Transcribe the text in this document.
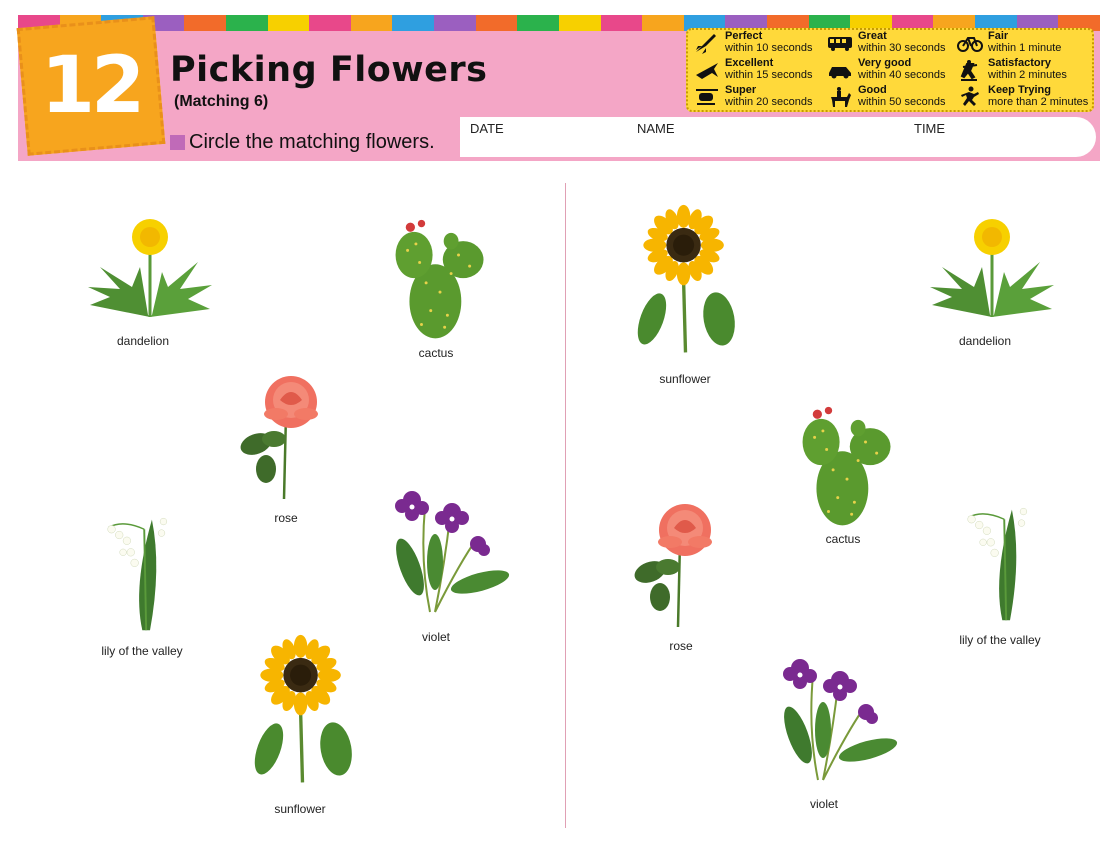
DATE	NAME	TIME
12 Picking Flowers
(Matching 6)
Circle the matching flowers.
Perfect
within 10 seconds
Excellent
within 15 seconds
Super
within 20 seconds
Great
within 30 seconds
Very good
within 40 seconds
Good
within 50 seconds
Fair
within 1 minute
Satisfactory
within 2 minutes
Keep Trying
more than 2 minutes
dandelion
cactus
rose
lily of the valley
violet
sunflower
sunflower
dandelion
cactus
rose	lily of the valley
violet
